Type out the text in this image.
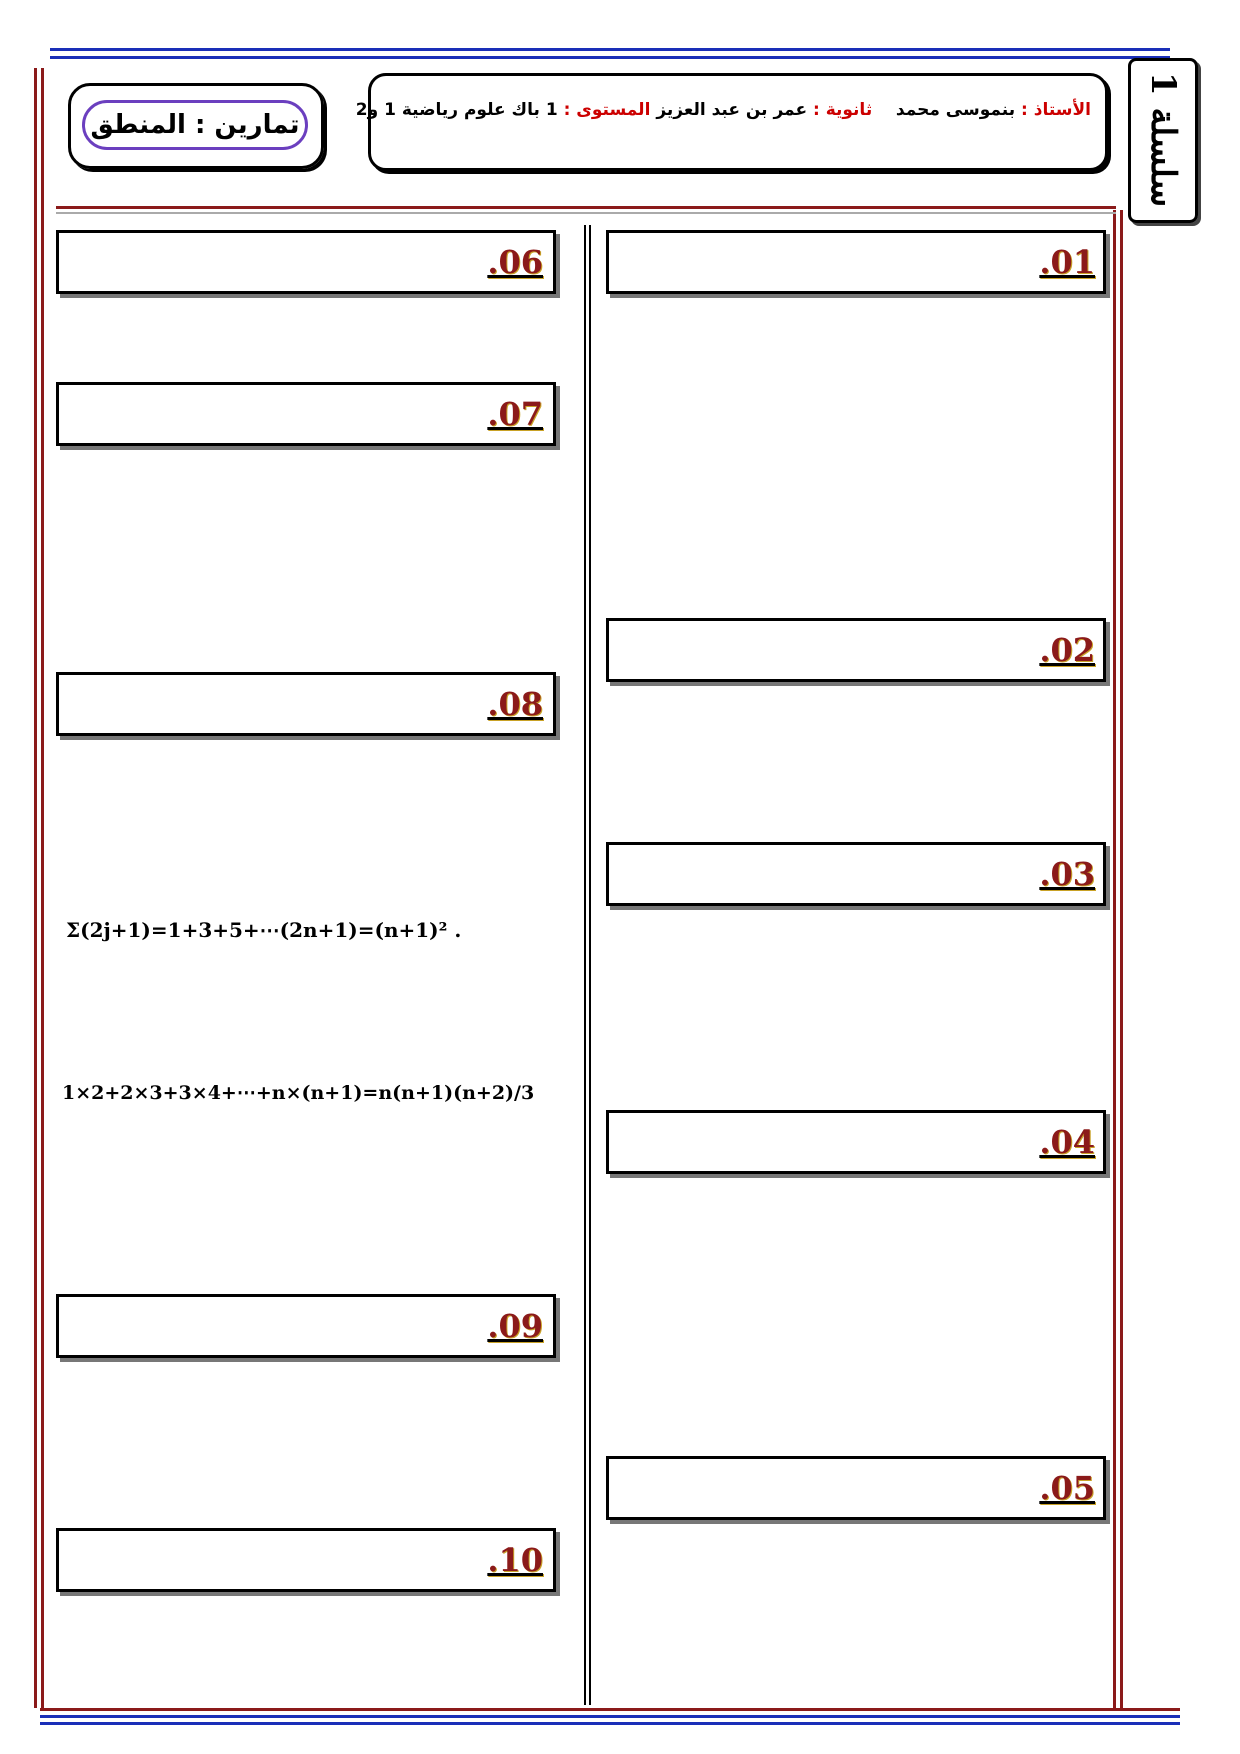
سلسلة 1
الأستاذ : بنموسى محمد    ثانوية : عمر بن عبد العزيز المستوى : 1 باك علوم رياضية 1 و2
تمارين : المنطق
.01
.02
.03
.04
.05
.06
.07
.08
Σ(2j+1)=1+3+5+⋯(2n+1)=(n+1)² .
1×2+2×3+3×4+⋯+n×(n+1)=n(n+1)(n+2)/3
.09
.10
